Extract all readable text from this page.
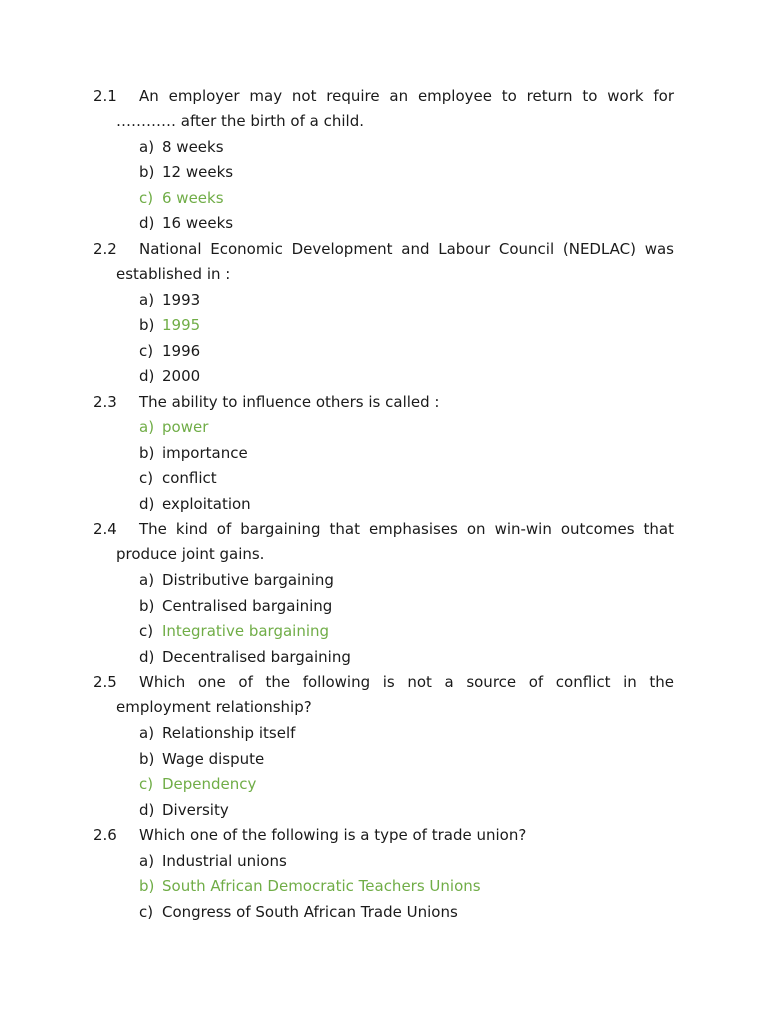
2.1	An employer may not require an employee to return to work for
………… after the birth of a child.
a) 8 weeks
b) 12 weeks
c) 6 weeks
d) 16 weeks
2.2	National Economic Development and Labour Council (NEDLAC) was
established in :
a) 1993
b) 1995
c) 1996
d) 2000
2.3	The ability to influence others is called :
a) power
b) importance
c) conflict
d) exploitation
2.4	The kind of bargaining that emphasises on win-win outcomes that
produce joint gains.
a) Distributive bargaining
b) Centralised bargaining
c) Integrative bargaining
d) Decentralised bargaining
2.5	Which one of the following is not a source of conflict in the
employment relationship?
a) Relationship itself
b) Wage dispute
c) Dependency
d) Diversity
2.6	Which one of the following is a type of trade union?
a) Industrial unions
b) South African Democratic Teachers Unions
c) Congress of South African Trade Unions
